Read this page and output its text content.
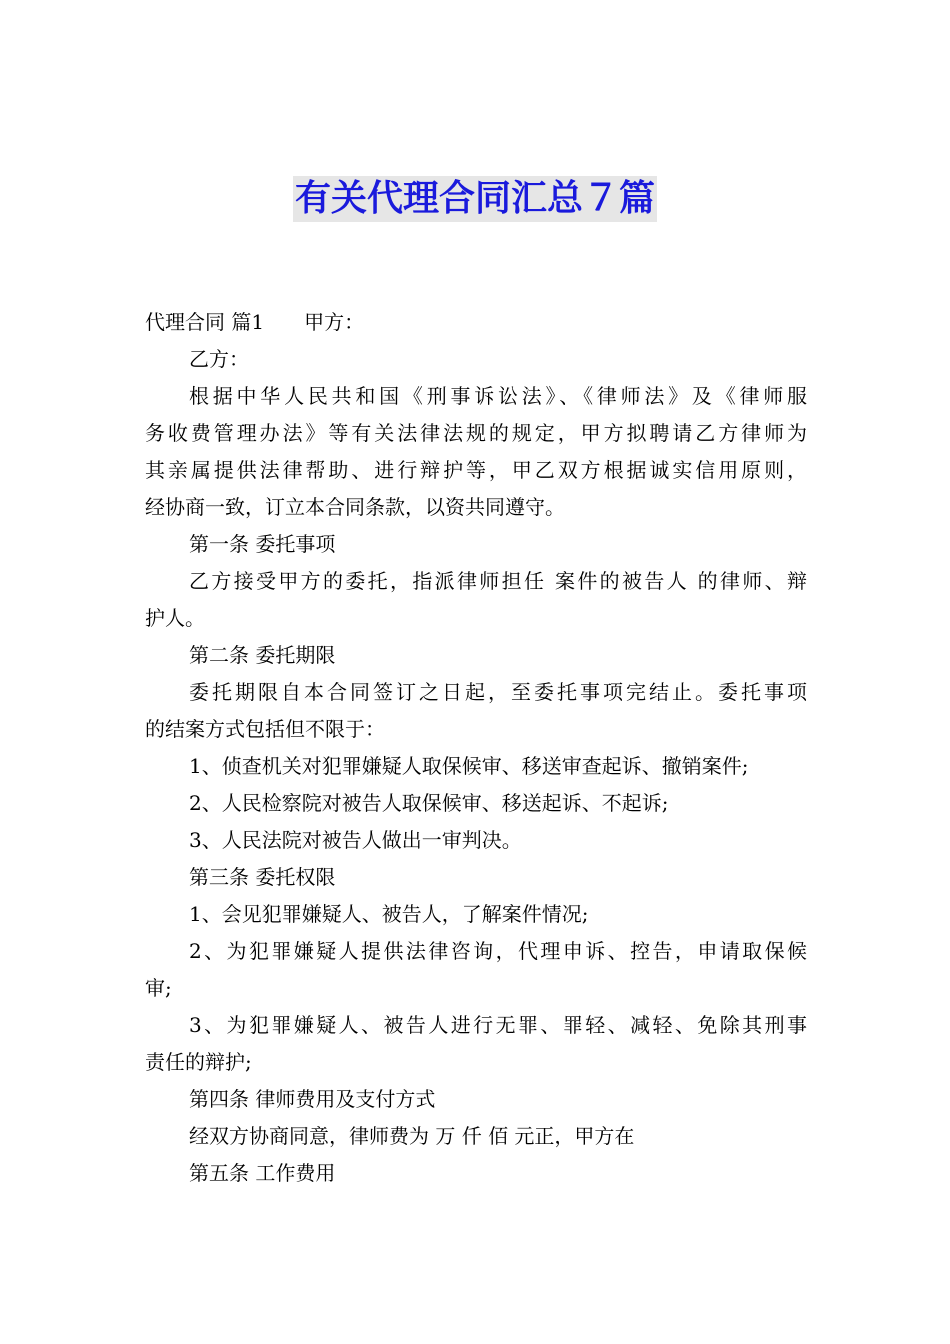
有关代理合同汇总７篇
代理合同 篇1 甲方：
乙方：
根据中华人民共和国《刑事诉讼法》、《律师法》及《律师服
务收费管理办法》等有关法律法规的规定，甲方拟聘请乙方律师为
其亲属提供法律帮助、进行辩护等，甲乙双方根据诚实信用原则，
经协商一致，订立本合同条款，以资共同遵守。
第一条 委托事项
乙方接受甲方的委托，指派律师担任 案件的被告人 的律师、辩
护人。
第二条 委托期限
委托期限自本合同签订之日起，至委托事项完结止。委托事项
的结案方式包括但不限于：
1、侦查机关对犯罪嫌疑人取保候审、移送审查起诉、撤销案件;
2、人民检察院对被告人取保候审、移送起诉、不起诉;
3、人民法院对被告人做出一审判决。
第三条 委托权限
1、会见犯罪嫌疑人、被告人，了解案件情况;
2、为犯罪嫌疑人提供法律咨询，代理申诉、控告，申请取保候
审;
3、为犯罪嫌疑人、被告人进行无罪、罪轻、减轻、免除其刑事
责任的辩护;
第四条 律师费用及支付方式
经双方协商同意，律师费为 万 仟 佰 元正，甲方在
第五条 工作费用
